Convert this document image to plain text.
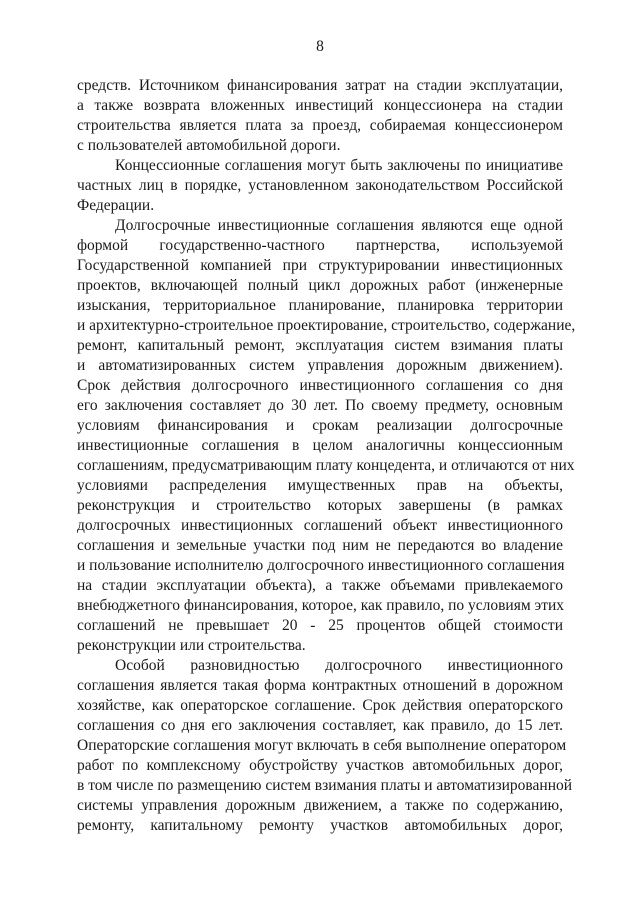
8
средств. Источником финансирования затрат на стадии эксплуатации,
а также возврата вложенных инвестиций концессионера на стадии
строительства является плата за проезд, собираемая концессионером
с пользователей автомобильной дороги.
Концессионные соглашения могут быть заключены по инициативе
частных лиц в порядке, установленном законодательством Российской
Федерации.
Долгосрочные инвестиционные соглашения являются еще одной
формой государственно-частного партнерства, используемой
Государственной компанией при структурировании инвестиционных
проектов, включающей полный цикл дорожных работ (инженерные
изыскания, территориальное планирование, планировка территории
и архитектурно-строительное проектирование, строительство, содержание,
ремонт, капитальный ремонт, эксплуатация систем взимания платы
и автоматизированных систем управления дорожным движением).
Срок действия долгосрочного инвестиционного соглашения со дня
его заключения составляет до 30 лет. По своему предмету, основным
условиям финансирования и срокам реализации долгосрочные
инвестиционные соглашения в целом аналогичны концессионным
соглашениям, предусматривающим плату концедента, и отличаются от них
условиями распределения имущественных прав на объекты,
реконструкция и строительство которых завершены (в рамках
долгосрочных инвестиционных соглашений объект инвестиционного
соглашения и земельные участки под ним не передаются во владение
и пользование исполнителю долгосрочного инвестиционного соглашения
на стадии эксплуатации объекта), а также объемами привлекаемого
внебюджетного финансирования, которое, как правило, по условиям этих
соглашений не превышает 20 - 25 процентов общей стоимости
реконструкции или строительства.
Особой разновидностью долгосрочного инвестиционного
соглашения является такая форма контрактных отношений в дорожном
хозяйстве, как операторское соглашение. Срок действия операторского
соглашения со дня его заключения составляет, как правило, до 15 лет.
Операторские соглашения могут включать в себя выполнение оператором
работ по комплексному обустройству участков автомобильных дорог,
в том числе по размещению систем взимания платы и автоматизированной
системы управления дорожным движением, а также по содержанию,
ремонту, капитальному ремонту участков автомобильных дорог,
